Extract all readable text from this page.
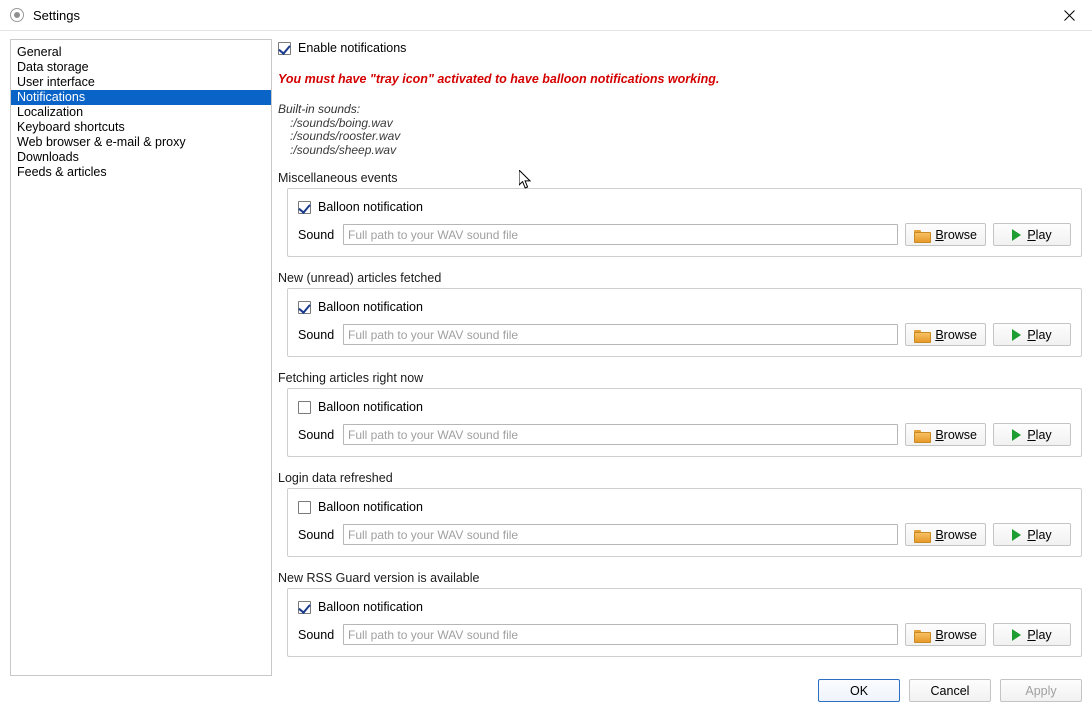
Settings
General
Data storage
User interface
Notifications
Localization
Keyboard shortcuts
Web browser & e-mail & proxy
Downloads
Feeds & articles
Enable notifications
You must have "tray icon" activated to have balloon notifications working.
Built-in sounds:
:/sounds/boing.wav
:/sounds/rooster.wav
:/sounds/sheep.wav
Miscellaneous events
Balloon notification
Sound
Full path to your WAV sound file	Browse	Play
New (unread) articles fetched
Balloon notification
Sound
Full path to your WAV sound file	Browse	Play
Fetching articles right now
Balloon notification
Sound
Full path to your WAV sound file	Browse	Play
Login data refreshed
Balloon notification
Sound
Full path to your WAV sound file	Browse	Play
New RSS Guard version is available
Balloon notification
Sound
Full path to your WAV sound file	Browse	Play
OK	Cancel	Apply
